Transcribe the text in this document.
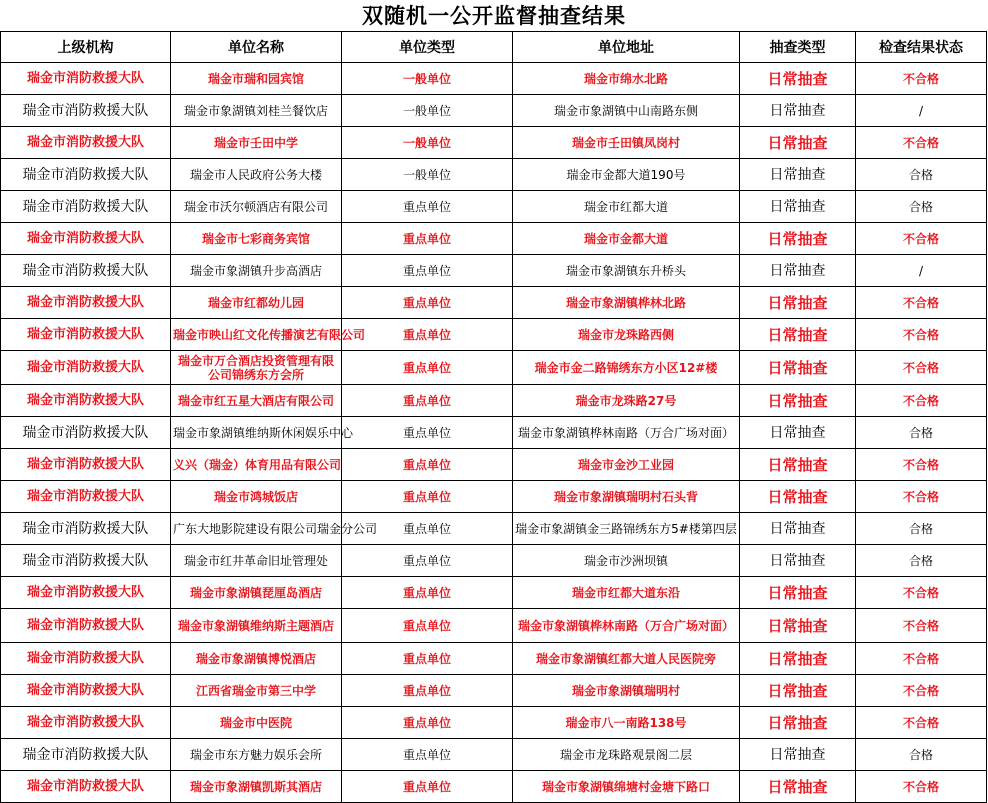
双随机一公开监督抽查结果
上级机构	单位名称	单位类型	单位地址	抽查类型	检查结果状态
瑞金市消防救援大队	瑞金市瑞和园宾馆	一般单位	瑞金市绵水北路	日常抽查	不合格
瑞金市消防救援大队	瑞金市象湖镇刘桂兰餐饮店	一般单位	瑞金市象湖镇中山南路东侧	日常抽查	/
瑞金市消防救援大队	瑞金市壬田中学	一般单位	瑞金市壬田镇凤岗村	日常抽查	不合格
瑞金市消防救援大队	瑞金市人民政府公务大楼	一般单位	瑞金市金都大道190号	日常抽查	合格
瑞金市消防救援大队	瑞金市沃尔顿酒店有限公司	重点单位	瑞金市红都大道	日常抽查	合格
瑞金市消防救援大队	瑞金市七彩商务宾馆	重点单位	瑞金市金都大道	日常抽查	不合格
瑞金市消防救援大队	瑞金市象湖镇升步高酒店	重点单位	瑞金市象湖镇东升桥头	日常抽查	/
瑞金市消防救援大队	瑞金市红都幼儿园	重点单位	瑞金市象湖镇桦林北路	日常抽查	不合格
瑞金市消防救援大队	瑞金市映山红文化传播演艺有限公司	重点单位	瑞金市龙珠路西侧	日常抽查	不合格
瑞金市消防救援大队	瑞金市万合酒店投资管理有限公司锦绣东方会所	重点单位	瑞金市金二路锦绣东方小区12#楼	日常抽查	不合格
瑞金市消防救援大队	瑞金市红五星大酒店有限公司	重点单位	瑞金市龙珠路27号	日常抽查	不合格
瑞金市消防救援大队	瑞金市象湖镇维纳斯休闲娱乐中心	重点单位	瑞金市象湖镇桦林南路（万合广场对面）	日常抽查	合格
瑞金市消防救援大队	义兴（瑞金）体育用品有限公司	重点单位	瑞金市金沙工业园	日常抽查	不合格
瑞金市消防救援大队	瑞金市鸿城饭店	重点单位	瑞金市象湖镇瑞明村石头背	日常抽查	不合格
瑞金市消防救援大队	广东大地影院建设有限公司瑞金分公司	重点单位	瑞金市象湖镇金三路锦绣东方5#楼第四层	日常抽查	合格
瑞金市消防救援大队	瑞金市红井革命旧址管理处	重点单位	瑞金市沙洲坝镇	日常抽查	合格
瑞金市消防救援大队	瑞金市象湖镇琵厘岛酒店	重点单位	瑞金市红都大道东沿	日常抽查	不合格
瑞金市消防救援大队	瑞金市象湖镇维纳斯主题酒店	重点单位	瑞金市象湖镇桦林南路（万合广场对面）	日常抽查	不合格
瑞金市消防救援大队	瑞金市象湖镇博悦酒店	重点单位	瑞金市象湖镇红都大道人民医院旁	日常抽查	不合格
瑞金市消防救援大队	江西省瑞金市第三中学	重点单位	瑞金市象湖镇瑞明村	日常抽查	不合格
瑞金市消防救援大队	瑞金市中医院	重点单位	瑞金市八一南路138号	日常抽查	不合格
瑞金市消防救援大队	瑞金市东方魅力娱乐会所	重点单位	瑞金市龙珠路观景阁二层	日常抽查	合格
瑞金市消防救援大队	瑞金市象湖镇凯斯其酒店	重点单位	瑞金市象湖镇绵塘村金塘下路口	日常抽查	不合格
